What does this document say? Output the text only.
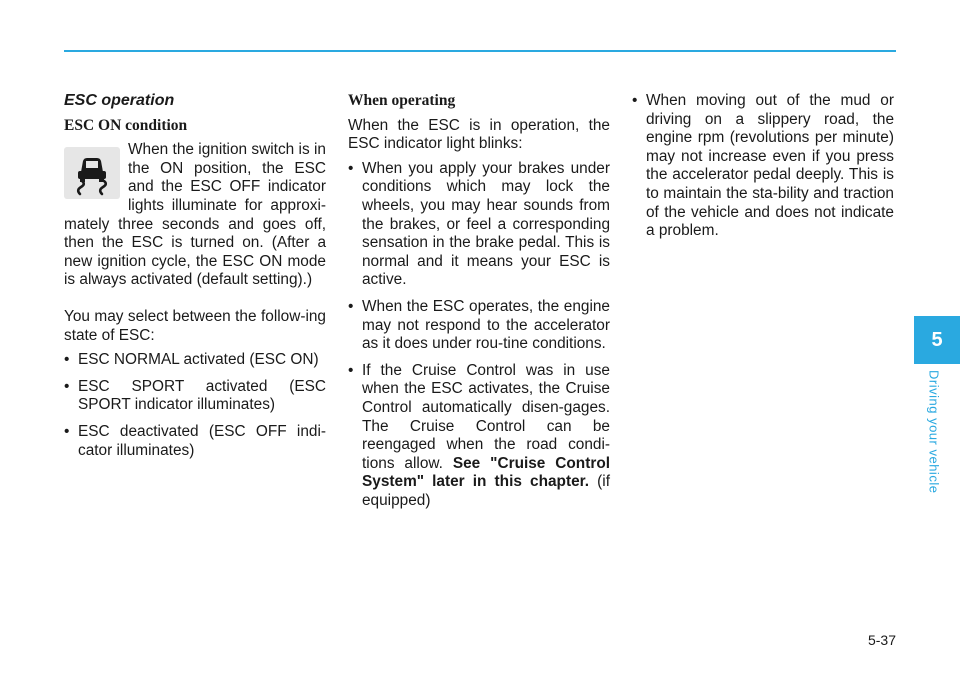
ESC operation
ESC ON condition

When the ignition switch is in the ON position, the ESC and the ESC OFF indicator lights illuminate for approxi-mately three seconds and goes off, then the ESC is turned on. (After a new ignition cycle, the ESC ON mode is always activated (default setting).)

You may select between the follow-ing state of ESC:

• ESC NORMAL activated (ESC ON)
• ESC SPORT activated (ESC SPORT indicator illuminates)
• ESC deactivated (ESC OFF indi-cator illuminates)
When operating

When the ESC is in operation, the ESC indicator light blinks:

• When you apply your brakes under conditions which may lock the wheels, you may hear sounds from the brakes, or feel a corresponding sensation in the brake pedal. This is normal and it means your ESC is active.
• When the ESC operates, the engine may not respond to the accelerator as it does under rou-tine conditions.
• If the Cruise Control was in use when the ESC activates, the Cruise Control automatically disen-gages. The Cruise Control can be reengaged when the road condi-tions allow. See "Cruise Control System" later in this chapter. (if equipped)
• When moving out of the mud or driving on a slippery road, the engine rpm (revolutions per minute) may not increase even if you press the accelerator pedal deeply. This is to maintain the sta-bility and traction of the vehicle and does not indicate a problem.
5
Driving your vehicle
5-37
